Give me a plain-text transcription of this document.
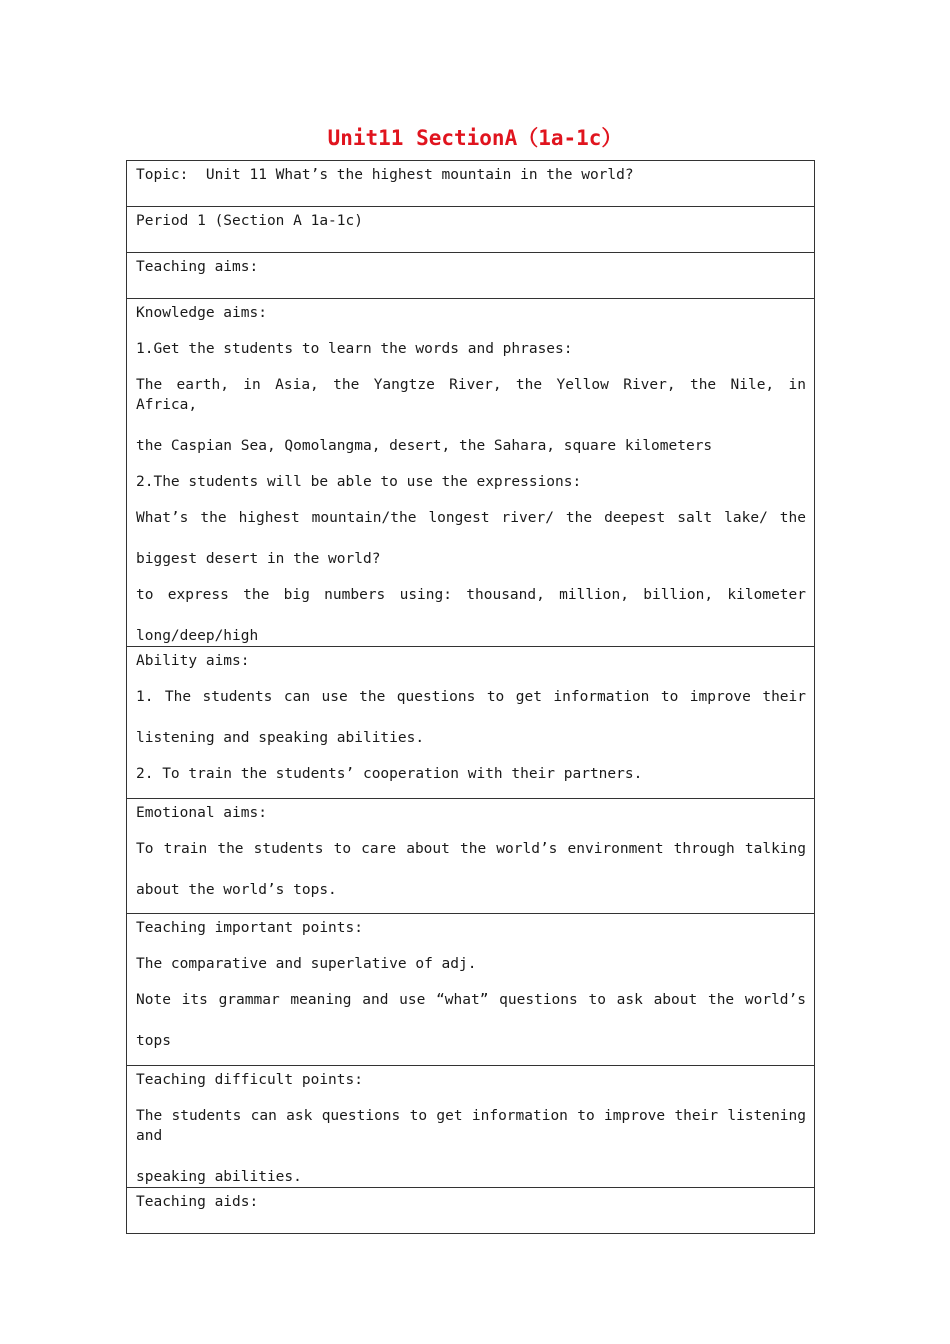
Unit11 SectionA（1a-1c）
Topic:  Unit 11 What’s the highest mountain in the world?

Period 1 (Section A 1a-1c)

Teaching aims:

Knowledge aims:
1.Get the students to learn the words and phrases:
The earth, in Asia, the Yangtze River, the Yellow River, the Nile, in Africa,
the Caspian Sea, Qomolangma, desert, the Sahara, square kilometers
2.The students will be able to use the expressions:
What’s the highest mountain/the longest river/ the deepest salt lake/ the
biggest desert in the world?
to express the big numbers using: thousand, million, billion, kilometer
long/deep/high

Ability aims:
1. The students can use the questions to get information to improve their
listening and speaking abilities.
2. To train the students’ cooperation with their partners.

Emotional aims:
To train the students to care about the world’s environment through talking
about the world’s tops.

Teaching important points:
The comparative and superlative of adj.
Note its grammar meaning and use “what” questions to ask about the world’s
tops

Teaching difficult points:
The students can ask questions to get information to improve their listening and
speaking abilities.

Teaching aids:
